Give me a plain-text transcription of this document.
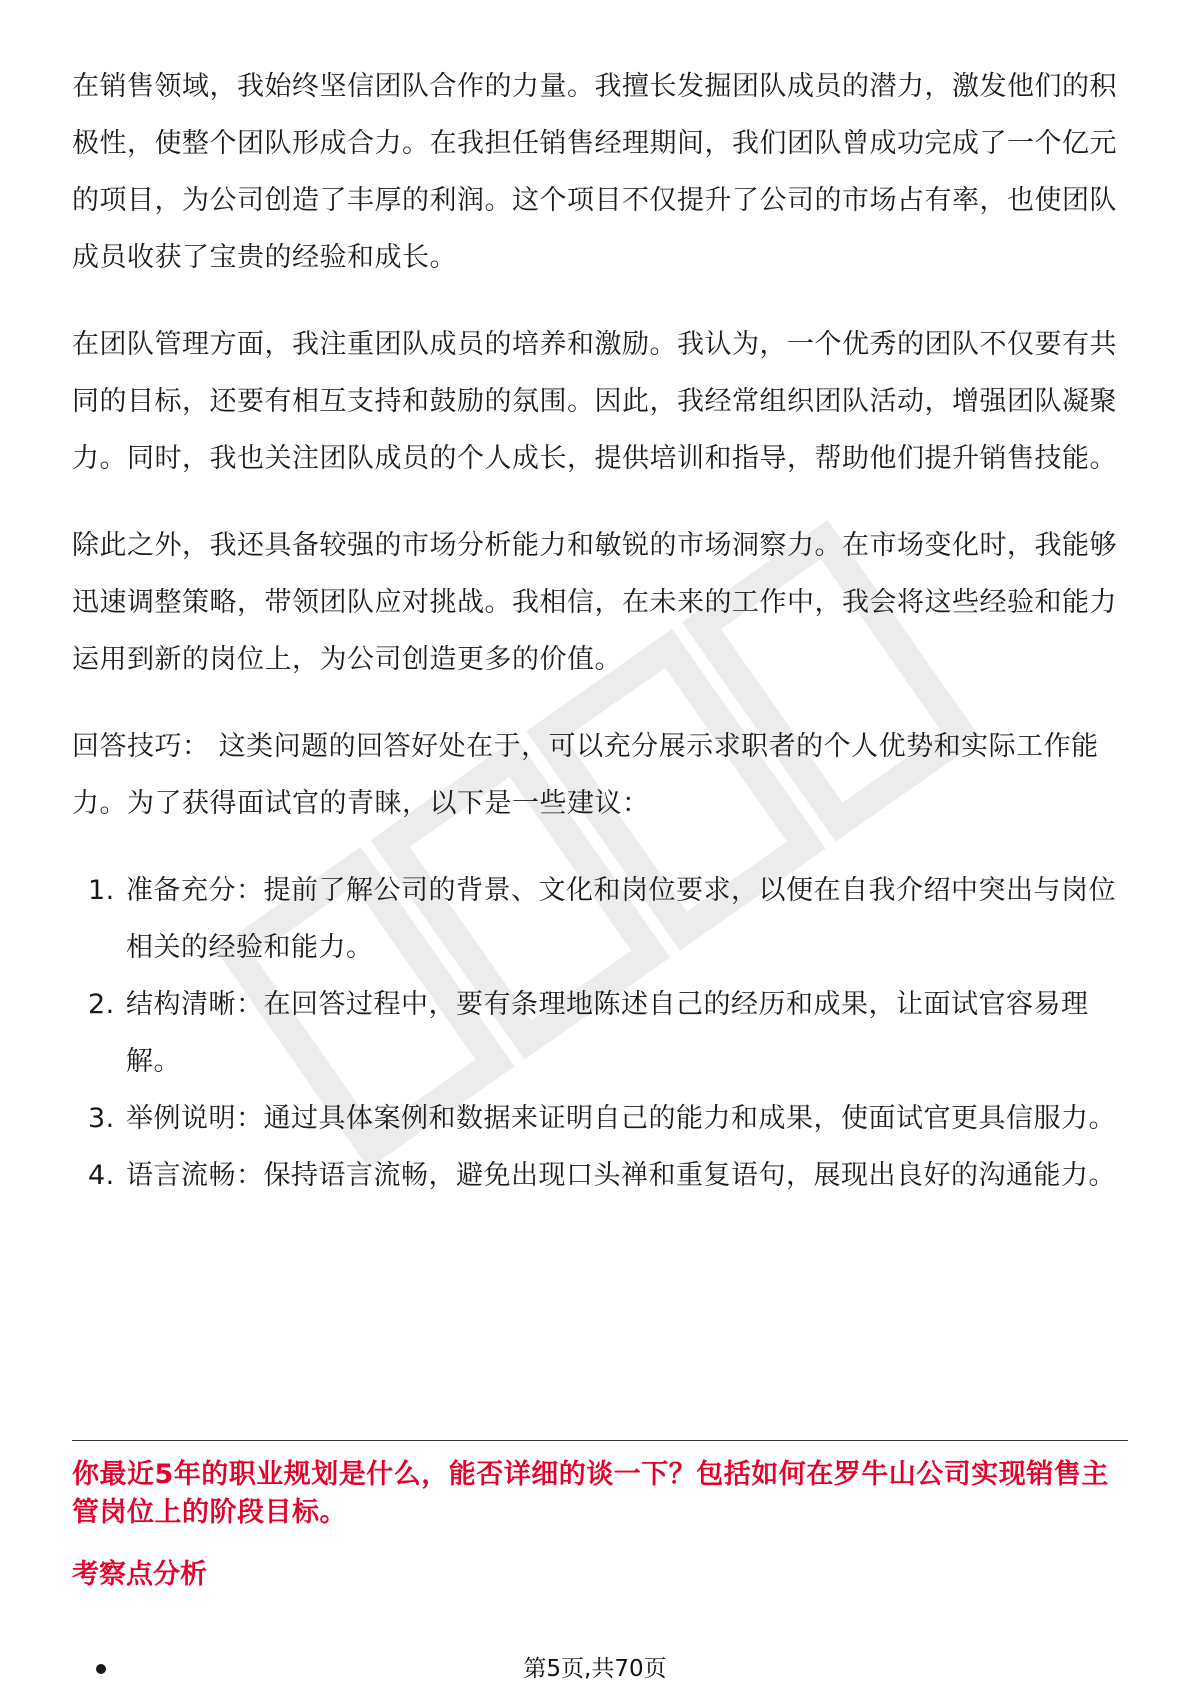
在销售领域，我始终坚信团队合作的力量。我擅长发掘团队成员的潜力，激发他们的积极性，使整个团队形成合力。在我担任销售经理期间，我们团队曾成功完成了一个亿元的项目，为公司创造了丰厚的利润。这个项目不仅提升了公司的市场占有率，也使团队成员收获了宝贵的经验和成长。

在团队管理方面，我注重团队成员的培养和激励。我认为，一个优秀的团队不仅要有共同的目标，还要有相互支持和鼓励的氛围。因此，我经常组织团队活动，增强团队凝聚力。同时，我也关注团队成员的个人成长，提供培训和指导，帮助他们提升销售技能。

除此之外，我还具备较强的市场分析能力和敏锐的市场洞察力。在市场变化时，我能够迅速调整策略，带领团队应对挑战。我相信，在未来的工作中，我会将这些经验和能力运用到新的岗位上，为公司创造更多的价值。

回答技巧： 这类问题的回答好处在于，可以充分展示求职者的个人优势和实际工作能力。为了获得面试官的青睐，以下是一些建议：

1. 准备充分：提前了解公司的背景、文化和岗位要求，以便在自我介绍中突出与岗位相关的经验和能力。
2. 结构清晰：在回答过程中，要有条理地陈述自己的经历和成果，让面试官容易理解。
3. 举例说明：通过具体案例和数据来证明自己的能力和成果，使面试官更具信服力。
4. 语言流畅：保持语言流畅，避免出现口头禅和重复语句，展现出良好的沟通能力。
你最近5年的职业规划是什么，能否详细的谈一下？包括如何在罗牛山公司实现销售主管岗位上的阶段目标。
考察点分析
第5页,共70页
